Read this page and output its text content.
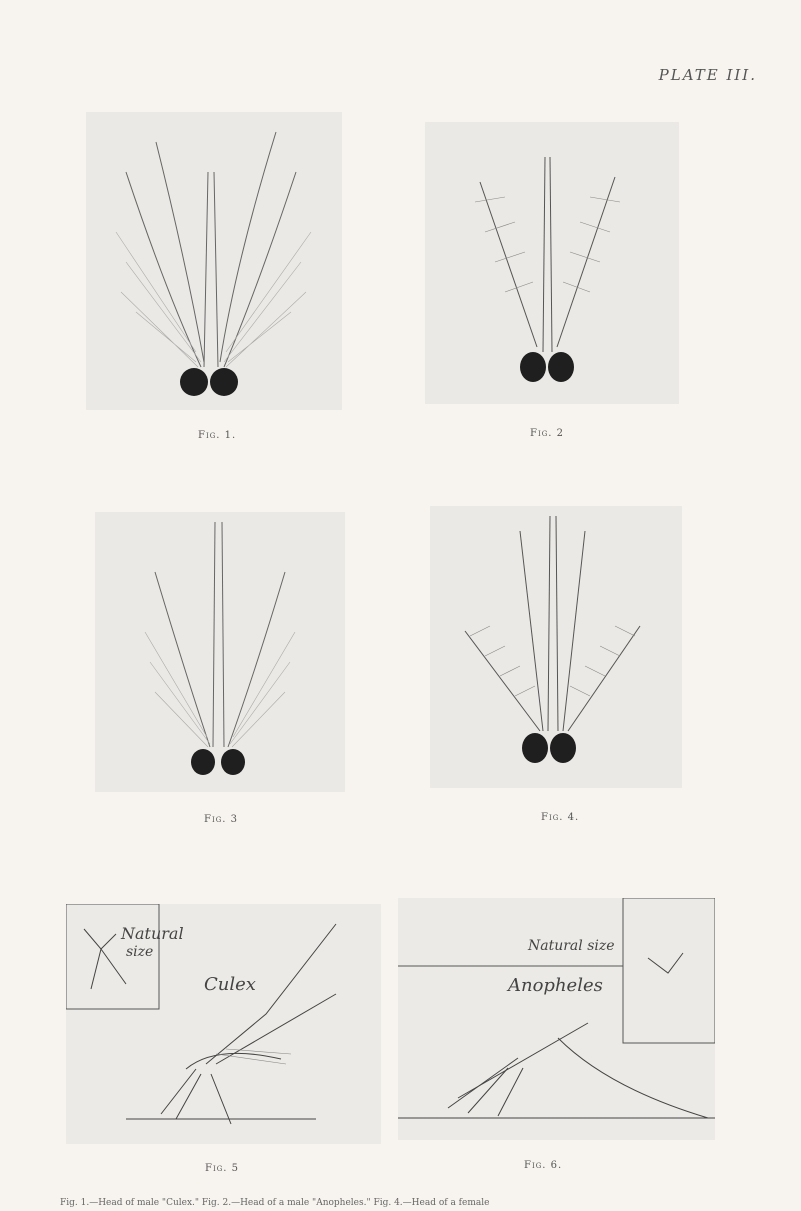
PLATE III.
Fig. 1.	Fig. 2
Fig. 3	Fig. 4.
Natural
size
Culex
Fig. 5
Natural size
Anopheles
Fig. 6.
Fig. 1.—Head of male "Culex." Fig. 2.—Head of a male "Anopheles." Fig. 4.—Head of a female
